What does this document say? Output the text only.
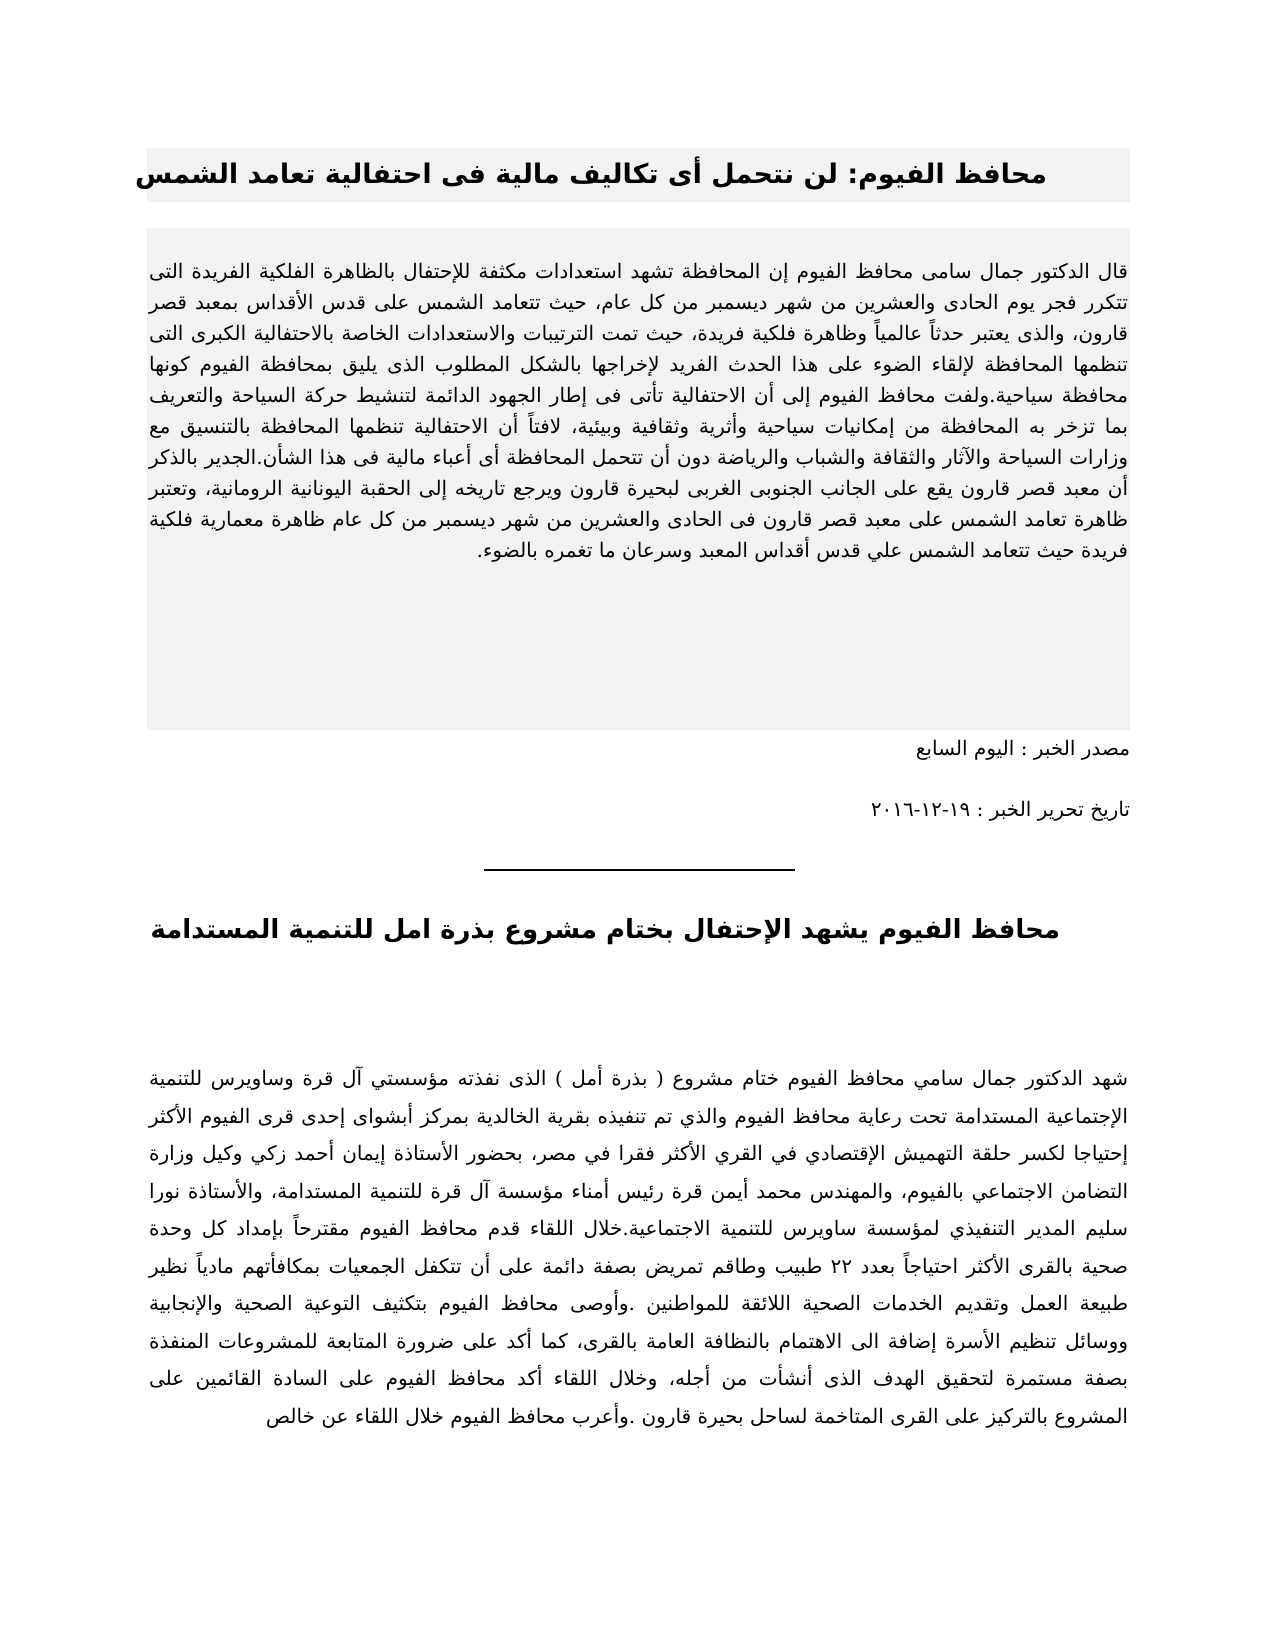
محافظ الفيوم: لن نتحمل أى تكاليف مالية فى احتفالية تعامد الشمس

قال الدكتور جمال سامى محافظ الفيوم إن المحافظة تشهد استعدادات مكثفة للإحتفال بالظاهرة الفلكية الفريدة التى تتكرر فجر يوم الحادى والعشرين من شهر ديسمبر من كل عام، حيث تتعامد الشمس على قدس الأقداس بمعبد قصر قارون، والذى يعتبر حدثاً عالمياً وظاهرة فلكية فريدة، حيث تمت الترتيبات والاستعدادات الخاصة بالاحتفالية الكبرى التى تنظمها المحافظة لإلقاء الضوء على هذا الحدث الفريد لإخراجها بالشكل المطلوب الذى يليق بمحافظة الفيوم كونها محافظة سياحية.ولفت محافظ الفيوم إلى أن الاحتفالية تأتى فى إطار الجهود الدائمة لتنشيط حركة السياحة والتعريف بما تزخر به المحافظة من إمكانيات سياحية وأثرية وثقافية وبيئية، لافتاً أن الاحتفالية تنظمها المحافظة بالتنسيق مع وزارات السياحة والآثار والثقافة والشباب والرياضة دون أن تتحمل المحافظة أى أعباء مالية فى هذا الشأن.الجدير بالذكر أن معبد قصر قارون يقع على الجانب الجنوبى الغربى لبحيرة قارون ويرجع تاريخه إلى الحقبة اليونانية الرومانية، وتعتبر ظاهرة تعامد الشمس على معبد قصر قارون فى الحادى والعشرين من شهر ديسمبر من كل عام ظاهرة معمارية فلكية فريدة حيث تتعامد الشمس علي قدس أقداس المعبد وسرعان ما تغمره بالضوء.

مصدر الخبر : اليوم السابع

تاريخ تحرير الخبر : ١٩-١٢-٢٠١٦

محافظ الفيوم يشهد الإحتفال بختام مشروع بذرة امل للتنمية المستدامة

شهد الدكتور جمال سامي محافظ الفيوم ختام مشروع ( بذرة أمل ) الذى نفذته مؤسستي آل قرة وساويرس للتنمية الإجتماعية المستدامة تحت رعاية محافظ الفيوم والذي تم تنفيذه بقرية الخالدية بمركز أبشواى إحدى قرى الفيوم الأكثر إحتياجا لكسر حلقة التهميش الإقتصادي في القري الأكثر فقرا في مصر، بحضور الأستاذة إيمان أحمد زكي وكيل وزارة التضامن الاجتماعي بالفيوم، والمهندس محمد أيمن قرة رئيس أمناء مؤسسة آل قرة للتنمية المستدامة، والأستاذة نورا سليم المدير التنفيذي لمؤسسة ساويرس للتنمية الاجتماعية.خلال اللقاء قدم محافظ الفيوم مقترحاً بإمداد كل وحدة صحية بالقرى الأكثر احتياجاً بعدد ٢٢ طبيب وطاقم تمريض بصفة دائمة على أن تتكفل الجمعيات بمكافأتهم مادياً نظير طبيعة العمل وتقديم الخدمات الصحية اللائقة للمواطنين .وأوصى محافظ الفيوم بتكثيف التوعية الصحية والإنجابية ووسائل تنظيم الأسرة إضافة الى الاهتمام بالنظافة العامة بالقرى، كما أكد على ضرورة المتابعة للمشروعات المنفذة بصفة مستمرة لتحقيق الهدف الذى أنشأت من أجله، وخلال اللقاء أكد محافظ الفيوم على السادة القائمين على المشروع بالتركيز على القرى المتاخمة لساحل بحيرة قارون .وأعرب محافظ الفيوم خلال اللقاء عن خالص
